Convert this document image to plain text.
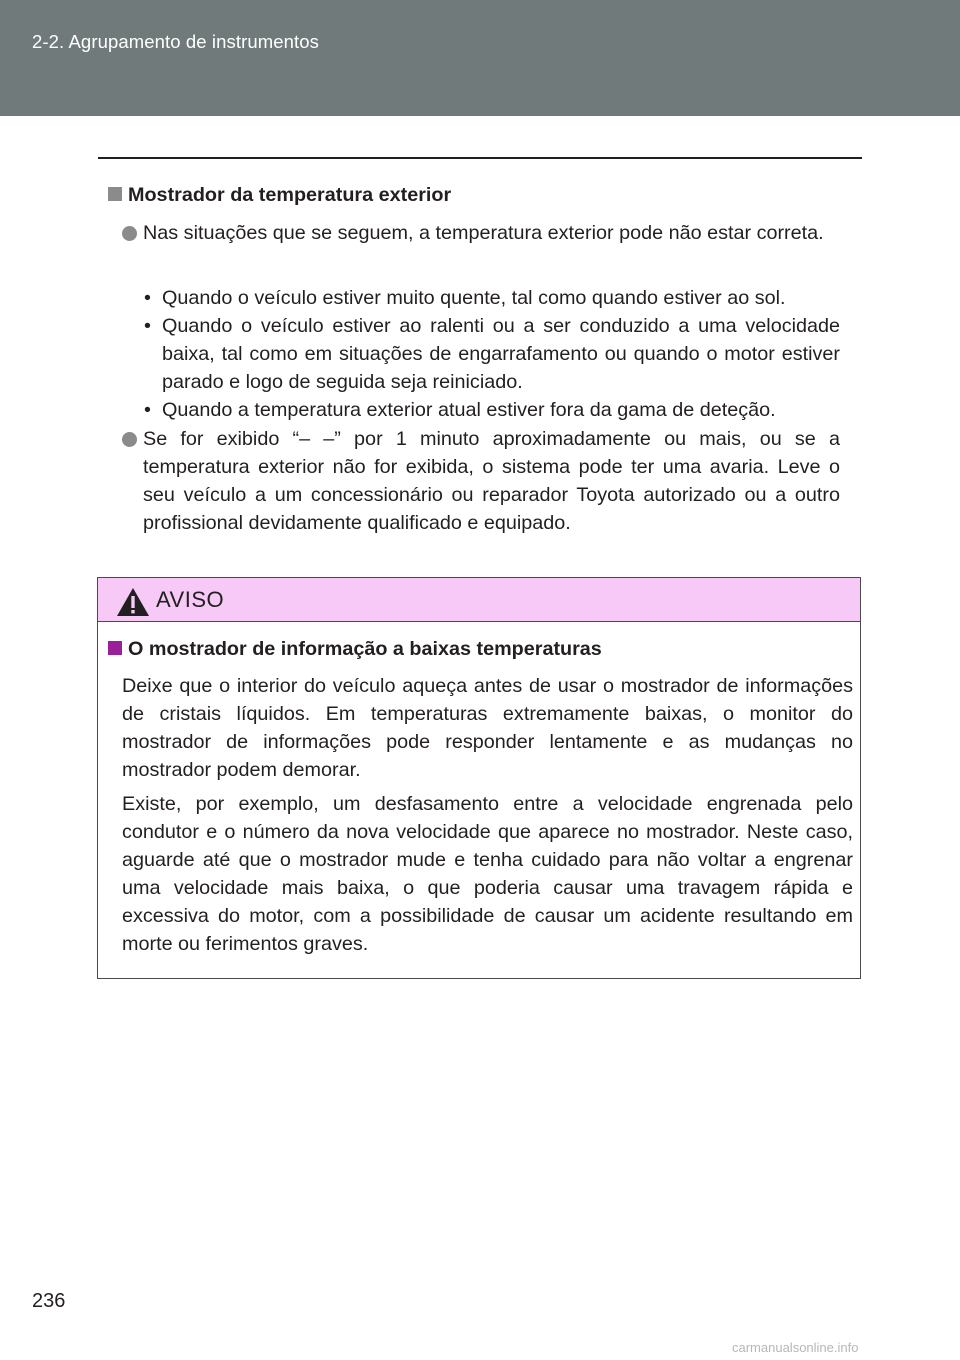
2-2. Agrupamento de instrumentos
Mostrador da temperatura exterior
Nas situações que se seguem, a temperatura exterior pode não estar correta.
• Quando o veículo estiver muito quente, tal como quando estiver ao sol.
• Quando o veículo estiver ao ralenti ou a ser conduzido a uma velocidade baixa, tal como em situações de engarrafamento ou quando o motor estiver parado e logo de seguida seja reiniciado.
• Quando a temperatura exterior atual estiver fora da gama de deteção.
Se for exibido “– –” por 1 minuto aproximadamente ou mais, ou se a temperatura exterior não for exibida, o sistema pode ter uma avaria. Leve o seu veículo a um concessionário ou reparador Toyota autorizado ou a outro profissional devidamente qualificado e equipado.
AVISO
O mostrador de informação a baixas temperaturas
Deixe que o interior do veículo aqueça antes de usar o mostrador de informações de cristais líquidos. Em temperaturas extremamente baixas, o monitor do mostrador de informações pode responder lentamente e as mudanças no mostrador podem demorar.
Existe, por exemplo, um desfasamento entre a velocidade engrenada pelo condutor e o número da nova velocidade que aparece no mostrador. Neste caso, aguarde até que o mostrador mude e tenha cuidado para não voltar a engrenar uma velocidade mais baixa, o que poderia causar uma travagem rápida e excessiva do motor, com a possibilidade de causar um acidente resultando em morte ou ferimentos graves.
236
carmanualsonline.info
